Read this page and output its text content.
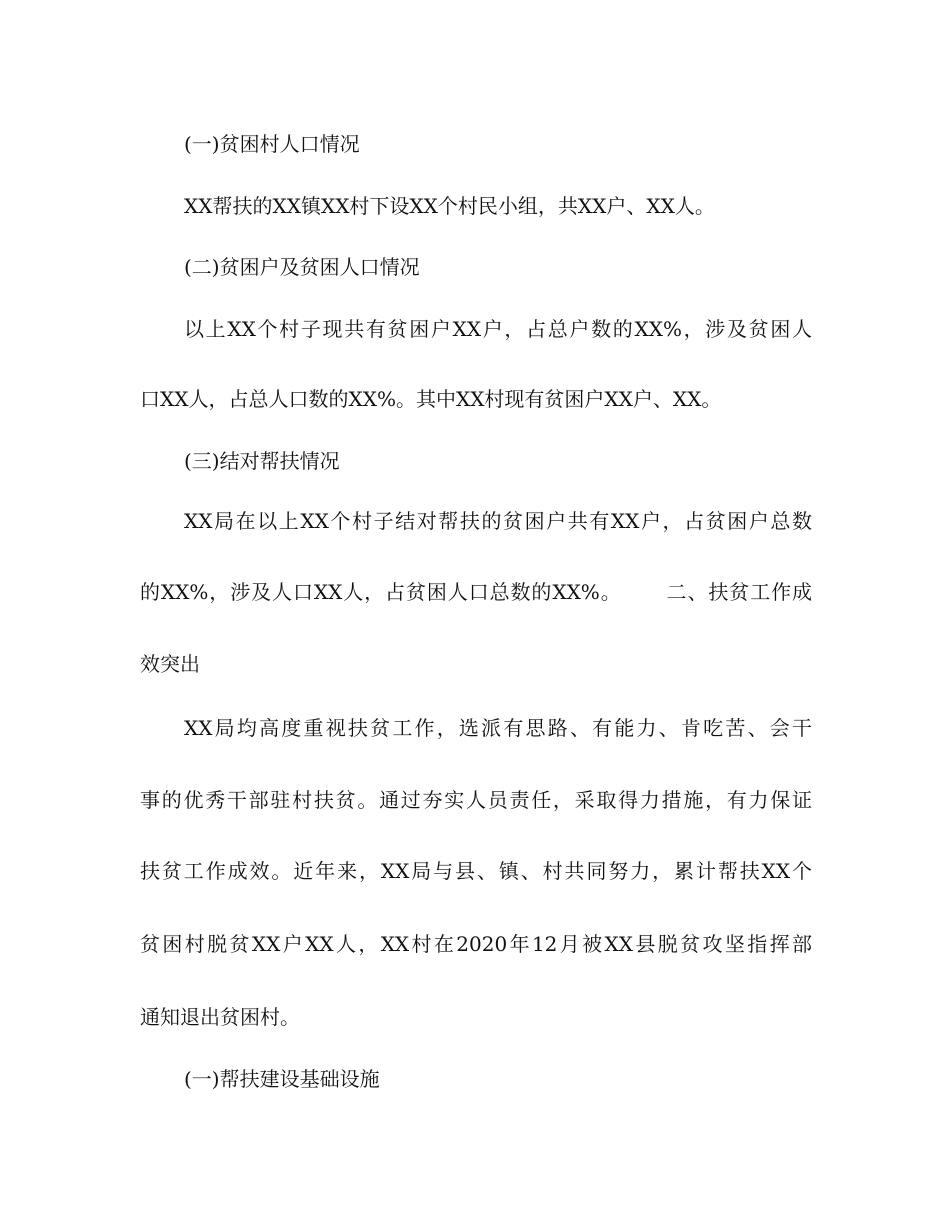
(一)贫困村人口情况
XX帮扶的XX镇XX村下设XX个村民小组，共XX户、XX人。
(二)贫困户及贫困人口情况
以上XX个村子现共有贫困户XX户，占总户数的XX%，涉及贫困人
口XX人，占总人口数的XX%。其中XX村现有贫困户XX户、XX。
(三)结对帮扶情况
XX局在以上XX个村子结对帮扶的贫困户共有XX户，占贫困户总数
的XX%，涉及人口XX人，占贫困人口总数的XX%。 二、扶贫工作成
效突出
XX局均高度重视扶贫工作，选派有思路、有能力、肯吃苦、会干
事的优秀干部驻村扶贫。通过夯实人员责任，采取得力措施，有力保证
扶贫工作成效。近年来，XX局与县、镇、村共同努力，累计帮扶XX个
贫困村脱贫XX户XX人，XX村在2020年12月被XX县脱贫攻坚指挥部
通知退出贫困村。
(一)帮扶建设基础设施
